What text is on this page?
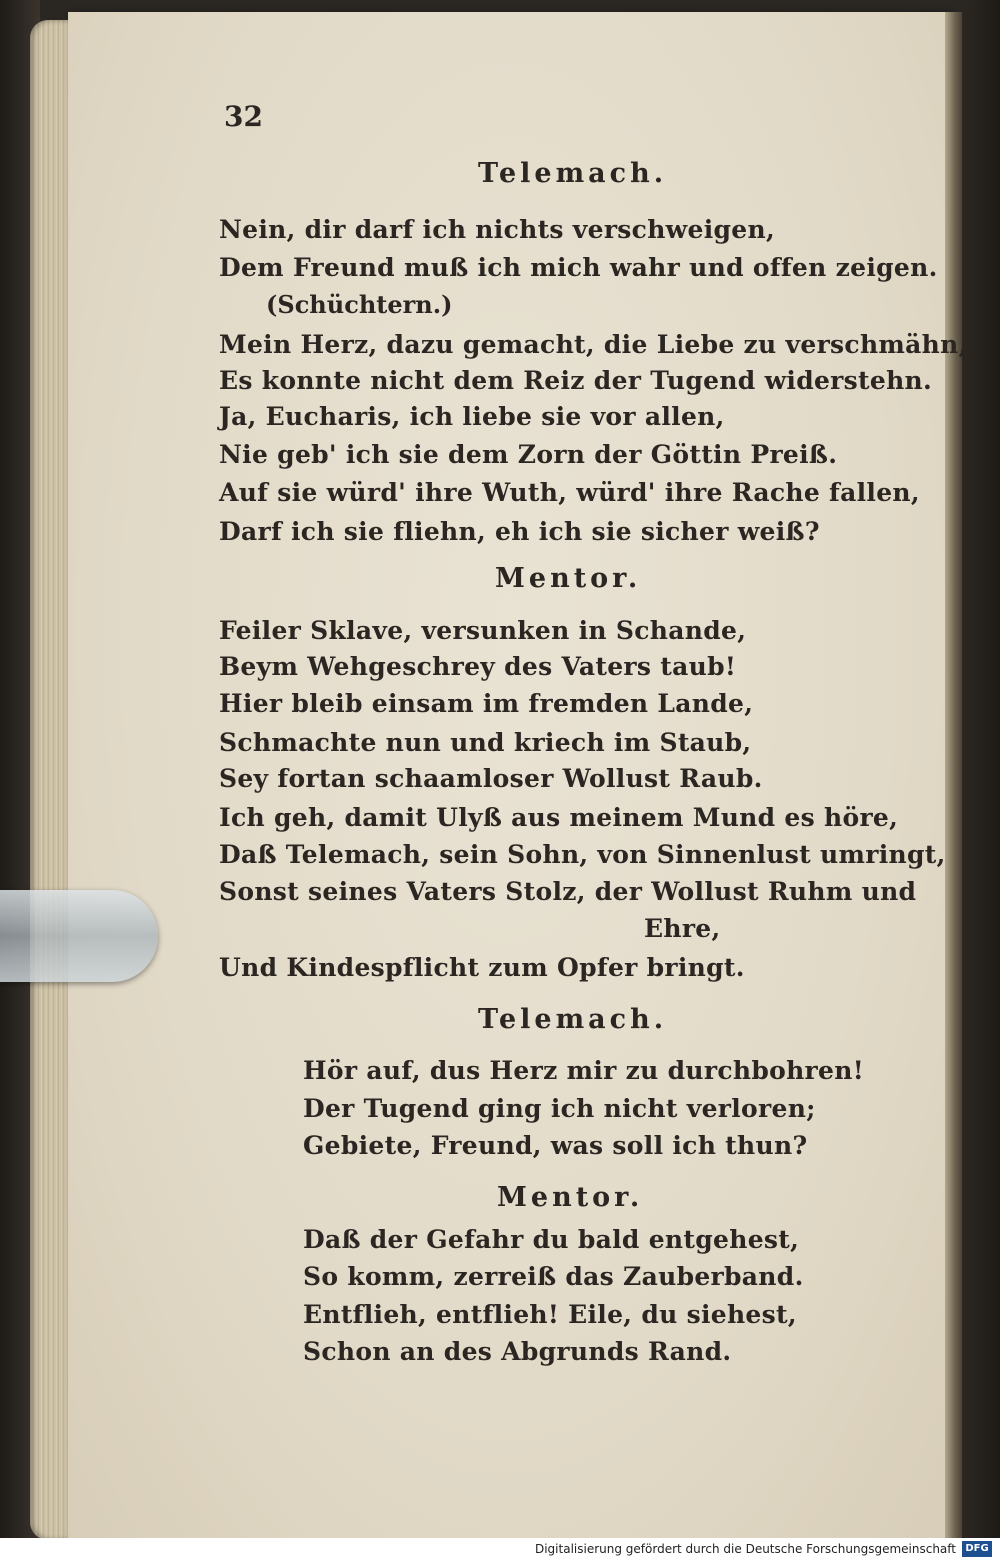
32
Telemach.
Nein, dir darf ich nichts verschweigen,
Dem Freund muß ich mich wahr und offen zeigen.
(Schüchtern.)
Mein Herz, dazu gemacht, die Liebe zu verschmähn,
Es konnte nicht dem Reiz der Tugend widerstehn.
Ja, Eucharis, ich liebe sie vor allen,
Nie geb' ich sie dem Zorn der Göttin Preiß.
Auf sie würd' ihre Wuth, würd' ihre Rache fallen,
Darf ich sie fliehn, eh ich sie sicher weiß?
Mentor.
Feiler Sklave, versunken in Schande,
Beym Wehgeschrey des Vaters taub!
Hier bleib einsam im fremden Lande,
Schmachte nun und kriech im Staub,
Sey fortan schaamloser Wollust Raub.
Ich geh, damit Ulyß aus meinem Mund es höre,
Daß Telemach, sein Sohn, von Sinnenlust umringt,
Sonst seines Vaters Stolz, der Wollust Ruhm und
Ehre,
Und Kindespflicht zum Opfer bringt.
Telemach.
Hör auf, dus Herz mir zu durchbohren!
Der Tugend ging ich nicht verloren;
Gebiete, Freund, was soll ich thun?
Mentor.
Daß der Gefahr du bald entgehest,
So komm, zerreiß das Zauberband.
Entflieh, entflieh! Eile, du siehest,
Schon an des Abgrunds Rand.
Digitalisierung gefördert durch die Deutsche Forschungsgemeinschaft DFG
